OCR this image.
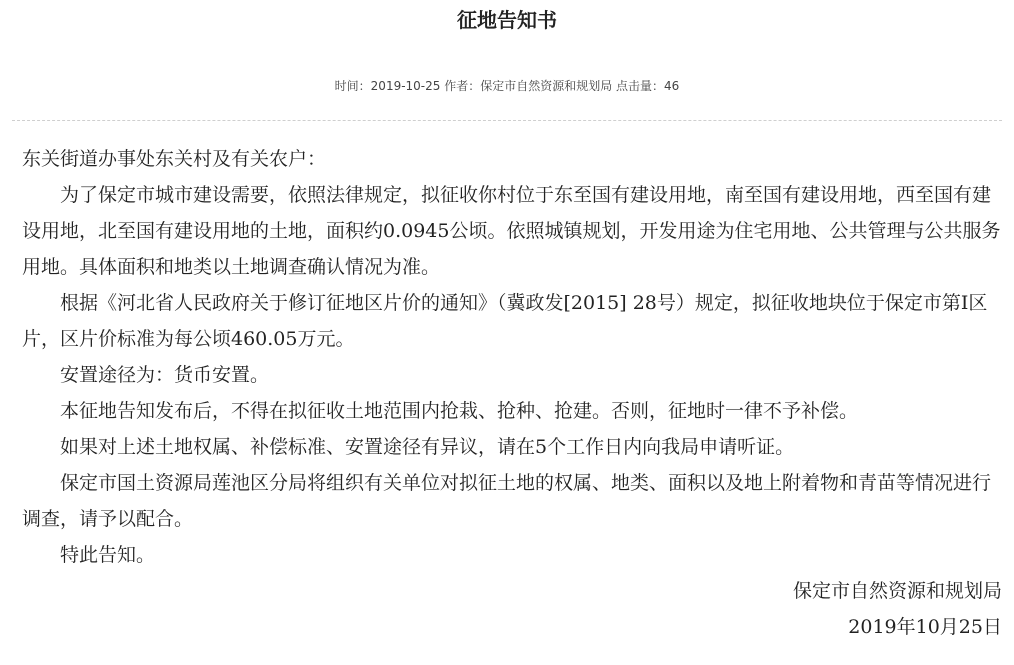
征地告知书
时间：2019-10-25 作者：保定市自然资源和规划局 点击量：46

东关街道办事处东关村及有关农户：

为了保定市城市建设需要，依照法律规定，拟征收你村位于东至国有建设用地，南至国有建设用地，西至国有建设用地，北至国有建设用地的土地，面积约0.0945公顷。依照城镇规划，开发用途为住宅用地、公共管理与公共服务用地。具体面积和地类以土地调查确认情况为准。

根据《河北省人民政府关于修订征地区片价的通知》（冀政发[2015] 28号）规定，拟征收地块位于保定市第Ⅰ区片，区片价标准为每公顷460.05万元。

安置途径为：货币安置。

本征地告知发布后，不得在拟征收土地范围内抢栽、抢种、抢建。否则，征地时一律不予补偿。

如果对上述土地权属、补偿标准、安置途径有异议，请在5个工作日内向我局申请听证。

保定市国土资源局莲池区分局将组织有关单位对拟征土地的权属、地类、面积以及地上附着物和青苗等情况进行调查，请予以配合。

特此告知。

保定市自然资源和规划局

2019年10月25日
